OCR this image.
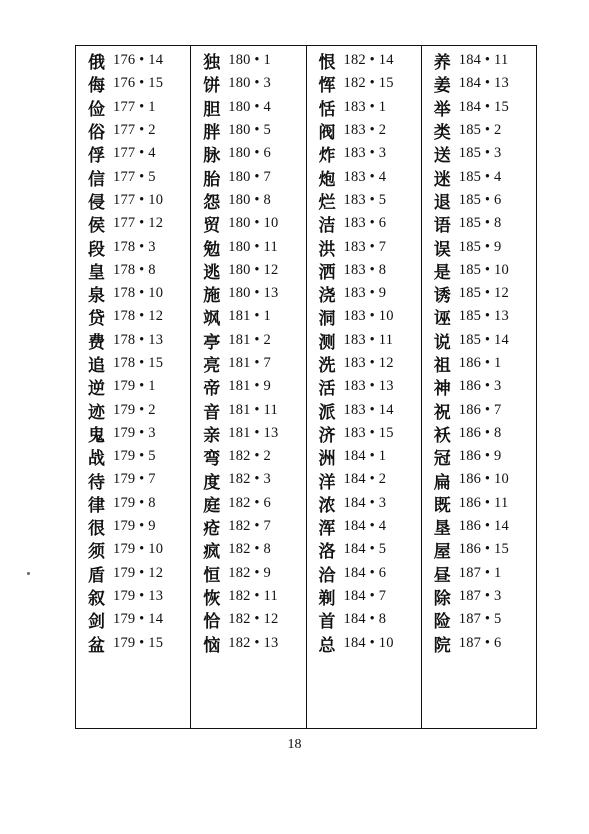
俄 176 • 14
侮 176 • 15
俭 177 • 1
俗 177 • 2
俘 177 • 4
信 177 • 5
侵 177 • 10
侯 177 • 12
段 178 • 3
皇 178 • 8
泉 178 • 10
贷 178 • 12
费 178 • 13
追 178 • 15
逆 179 • 1
迹 179 • 2
鬼 179 • 3
战 179 • 5
待 179 • 7
律 179 • 8
很 179 • 9
须 179 • 10
盾 179 • 12
叙 179 • 13
剑 179 • 14
盆 179 • 15
独 180 • 1
饼 180 • 3
胆 180 • 4
胖 180 • 5
脉 180 • 6
胎 180 • 7
怨 180 • 8
贸 180 • 10
勉 180 • 11
逃 180 • 12
施 180 • 13
飒 181 • 1
亭 181 • 2
亮 181 • 7
帝 181 • 9
音 181 • 11
亲 181 • 13
弯 182 • 2
度 182 • 3
庭 182 • 6
疮 182 • 7
疯 182 • 8
恒 182 • 9
恢 182 • 11
恰 182 • 12
恼 182 • 13
恨 182 • 14
恽 182 • 15
恬 183 • 1
阀 183 • 2
炸 183 • 3
炮 183 • 4
烂 183 • 5
洁 183 • 6
洪 183 • 7
洒 183 • 8
浇 183 • 9
洞 183 • 10
测 183 • 11
洗 183 • 12
活 183 • 13
派 183 • 14
济 183 • 15
洲 184 • 1
洋 184 • 2
浓 184 • 3
浑 184 • 4
洛 184 • 5
洽 184 • 6
剃 184 • 7
首 184 • 8
总 184 • 10
养 184 • 11
姜 184 • 13
举 184 • 15
类 185 • 2
送 185 • 3
迷 185 • 4
退 185 • 6
语 185 • 8
误 185 • 9
是 185 • 10
诱 185 • 12
诬 185 • 13
说 185 • 14
祖 186 • 1
神 186 • 3
祝 186 • 7
袄 186 • 8
冠 186 • 9
扁 186 • 10
既 186 • 11
垦 186 • 14
屋 186 • 15
昼 187 • 1
除 187 • 3
险 187 • 5
院 187 • 6
18
